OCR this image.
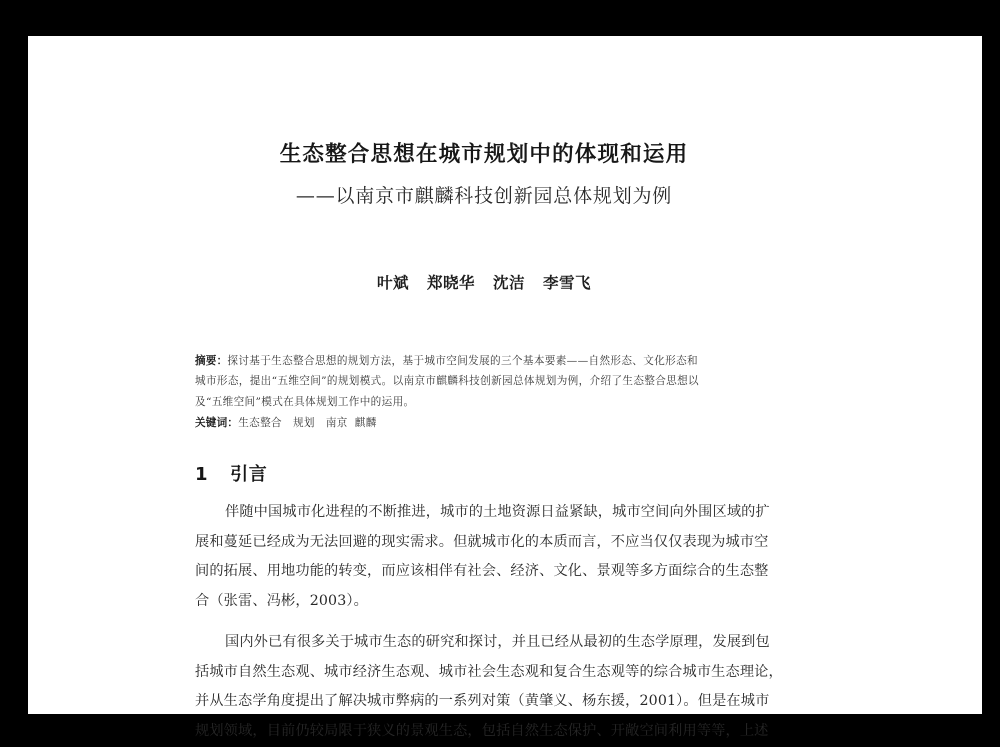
生态整合思想在城市规划中的体现和运用
——以南京市麒麟科技创新园总体规划为例
叶斌 郑晓华 沈洁 李雪飞
摘要：探讨基于生态整合思想的规划方法，基于城市空间发展的三个基本要素——自然形态、文化形态和
城市形态，提出“五维空间”的规划模式。以南京市麒麟科技创新园总体规划为例，介绍了生态整合思想以
及“五维空间”模式在具体规划工作中的运用。
关键词：生态整合 规划 南京 麒麟
1 引言
伴随中国城市化进程的不断推进，城市的土地资源日益紧缺，城市空间向外围区域的扩
展和蔓延已经成为无法回避的现实需求。但就城市化的本质而言，不应当仅仅表现为城市空
间的拓展、用地功能的转变，而应该相伴有社会、经济、文化、景观等多方面综合的生态整
合（张雷、冯彬，2003）。
国内外已有很多关于城市生态的研究和探讨，并且已经从最初的生态学原理，发展到包
括城市自然生态观、城市经济生态观、城市社会生态观和复合生态观等的综合城市生态理论，
并从生态学角度提出了解决城市弊病的一系列对策（黄肇义、杨东援，2001）。但是在城市
规划领域，目前仍较局限于狭义的景观生态，包括自然生态保护、开敞空间利用等等，上述
